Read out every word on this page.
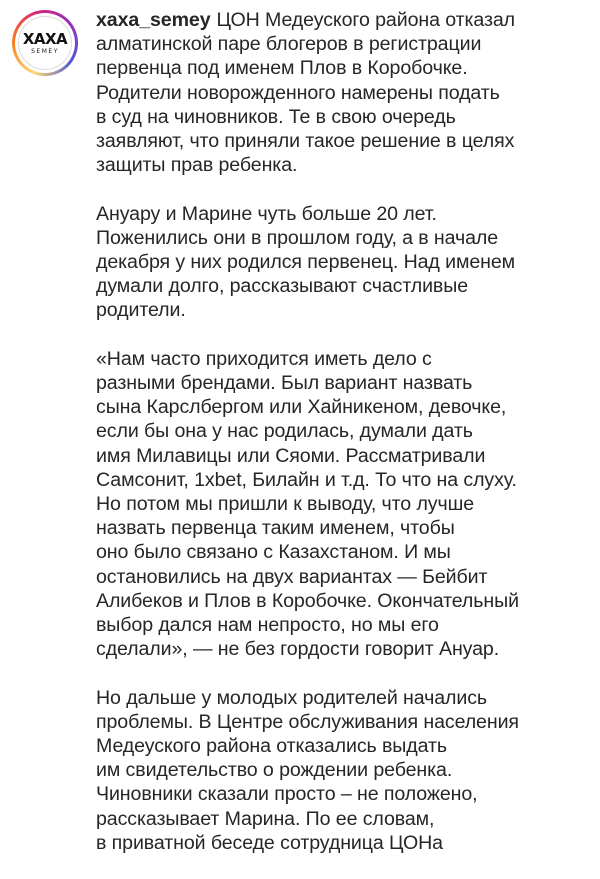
XAXA
SEMEY

xaxa_semey ЦОН Медеуского района отказал
алматинской паре блогеров в регистрации
первенца под именем Плов в Коробочке.
Родители новорожденного намерены подать
в суд на чиновников. Те в свою очередь
заявляют, что приняли такое решение в целях
защиты прав ребенка.

Ануару и Марине чуть больше 20 лет.
Поженились они в прошлом году, а в начале
декабря у них родился первенец. Над именем
думали долго, рассказывают счастливые
родители.

«Нам часто приходится иметь дело с
разными брендами. Был вариант назвать
сына Карслбергом или Хайникеном, девочке,
если бы она у нас родилась, думали дать
имя Милавицы или Сяоми. Рассматривали
Самсонит, 1xbet, Билайн и т.д. То что на слуху.
Но потом мы пришли к выводу, что лучше
назвать первенца таким именем, чтобы
оно было связано с Казахстаном. И мы
остановились на двух вариантах — Бейбит
Алибеков и Плов в Коробочке. Окончательный
выбор дался нам непросто, но мы его
сделали», — не без гордости говорит Ануар.

Но дальше у молодых родителей начались
проблемы. В Центре обслуживания населения
Медеуского района отказались выдать
им свидетельство о рождении ребенка.
Чиновники сказали просто – не положено,
рассказывает Марина. По ее словам,
в приватной беседе сотрудница ЦОНа
